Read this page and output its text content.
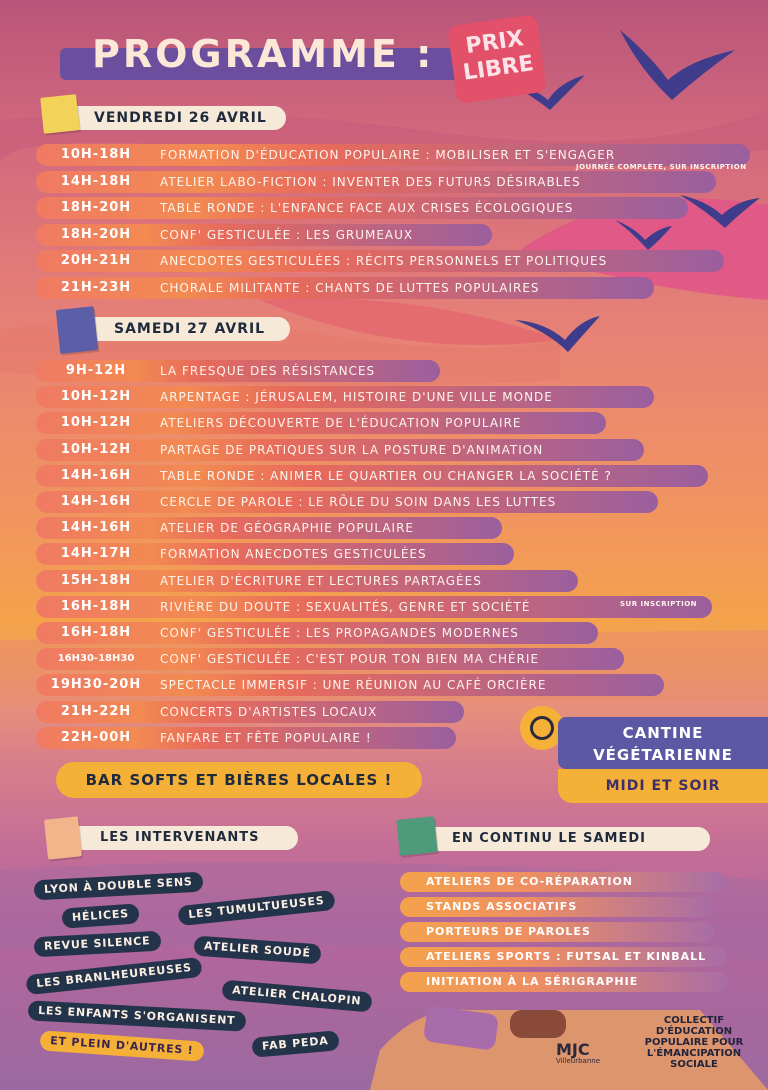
PROGRAMME :	PRIX
LIBRE
VENDREDI 26 AVRIL
10H-18H	FORMATION D'ÉDUCATION POPULAIRE : MOBILISER ET S'ENGAGER
JOURNÉE COMPLÈTE, SUR INSCRIPTION
14H-18H	ATELIER LABO-FICTION : INVENTER DES FUTURS DÉSIRABLES
18H-20H	TABLE RONDE : L'ENFANCE FACE AUX CRISES ÉCOLOGIQUES
18H-20H	CONF' GESTICULÉE : LES GRUMEAUX
20H-21H	ANECDOTES GESTICULÉES : RÉCITS PERSONNELS ET POLITIQUES
21H-23H	CHORALE MILITANTE : CHANTS DE LUTTES POPULAIRES
SAMEDI 27 AVRIL
9H-12H	LA FRESQUE DES RÉSISTANCES
10H-12H	ARPENTAGE : JÉRUSALEM, HISTOIRE D'UNE VILLE MONDE
10H-12H	ATELIERS DÉCOUVERTE DE L'ÉDUCATION POPULAIRE
10H-12H	PARTAGE DE PRATIQUES SUR LA POSTURE D'ANIMATION
14H-16H	TABLE RONDE : ANIMER LE QUARTIER OU CHANGER LA SOCIÉTÉ ?
14H-16H	CERCLE DE PAROLE : LE RÔLE DU SOIN DANS LES LUTTES
14H-16H	ATELIER DE GÉOGRAPHIE POPULAIRE
14H-17H	FORMATION ANECDOTES GESTICULÉES
15H-18H	ATELIER D'ÉCRITURE ET LECTURES PARTAGÉES
16H-18H	RIVIÈRE DU DOUTE : SEXUALITÉS, GENRE ET SOCIÉTÉ	SUR INSCRIPTION
16H-18H	CONF' GESTICULÉE : LES PROPAGANDES MODERNES
16H30-18H30	CONF' GESTICULÉE : C'EST POUR TON BIEN MA CHÉRIE
19H30-20H	SPECTACLE IMMERSIF : UNE RÉUNION AU CAFÉ ORCIÈRE
21H-22H	CONCERTS D'ARTISTES LOCAUX
22H-00H	FANFARE ET FÊTE POPULAIRE !
BAR SOFTS ET BIÈRES LOCALES !
CANTINE
VÉGÉTARIENNE
MIDI ET SOIR
LES INTERVENANTS
LYON À DOUBLE SENS
HÉLICES	LES TUMULTUEUSES
REVUE SILENCE	ATELIER SOUDÉ
LES BRANLHEUREUSES
ATELIER CHALOPIN
LES ENFANTS S'ORGANISENT
ET PLEIN D'AUTRES !	FAB PEDA
EN CONTINU LE SAMEDI
ATELIERS DE CO-RÉPARATION
STANDS ASSOCIATIFS
PORTEURS DE PAROLES
ATELIERS SPORTS : FUTSAL ET KINBALL
INITIATION À LA SÉRIGRAPHIE
MJC
Villeurbanne
COLLECTIF D'ÉDUCATION POPULAIRE POUR L'ÉMANCIPATION SOCIALE
